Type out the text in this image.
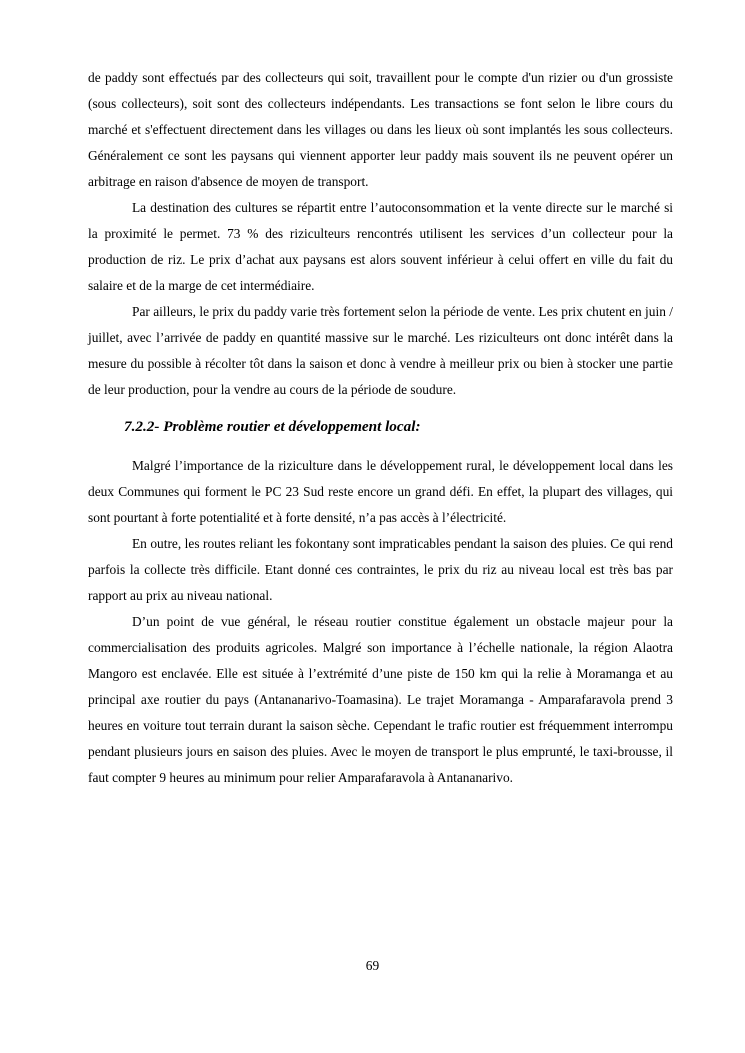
de paddy sont effectués par des collecteurs qui soit, travaillent pour le compte d'un rizier ou d'un grossiste (sous collecteurs), soit sont des collecteurs indépendants. Les transactions se font selon le libre cours du marché et s'effectuent directement dans les villages ou dans les lieux où sont implantés les sous collecteurs. Généralement ce sont les paysans qui viennent apporter leur paddy mais souvent ils ne peuvent opérer un arbitrage en raison d'absence de moyen de transport.

La destination des cultures se répartit entre l’autoconsommation et la vente directe sur le marché si la proximité le permet. 73 % des riziculteurs rencontrés utilisent les services d’un collecteur pour la production de riz. Le prix d’achat aux paysans est alors souvent inférieur à celui offert en ville du fait du salaire et de la marge de cet intermédiaire.

Par ailleurs, le prix du paddy varie très fortement selon la période de vente. Les prix chutent en juin / juillet, avec l’arrivée de paddy en quantité massive sur le marché. Les riziculteurs ont donc intérêt dans la mesure du possible à récolter tôt dans la saison et donc à vendre à meilleur prix ou bien à stocker une partie de leur production, pour la vendre au cours de la période de soudure.

7.2.2- Problème routier et développement local:

Malgré l’importance de la riziculture dans le développement rural, le développement local dans les deux Communes qui forment le PC 23 Sud reste encore un grand défi. En effet, la plupart des villages, qui sont pourtant à forte potentialité et à forte densité, n’a pas accès à l’électricité.

En outre, les routes reliant les fokontany sont impraticables pendant la saison des pluies. Ce qui rend parfois la collecte très difficile. Etant donné ces contraintes, le prix du riz au niveau local est très bas par rapport au prix au niveau national.

D’un point de vue général, le réseau routier constitue également un obstacle majeur pour la commercialisation des produits agricoles. Malgré son importance à l’échelle nationale, la région Alaotra Mangoro est enclavée. Elle est située à l’extrémité d’une piste de 150 km qui la relie à Moramanga et au principal axe routier du pays (Antananarivo-Toamasina). Le trajet Moramanga - Amparafaravola prend 3 heures en voiture tout terrain durant la saison sèche. Cependant le trafic routier est fréquemment interrompu pendant plusieurs jours en saison des pluies. Avec le moyen de transport le plus emprunté, le taxi-brousse, il faut compter 9 heures au minimum pour relier Amparafaravola à Antananarivo.

69
